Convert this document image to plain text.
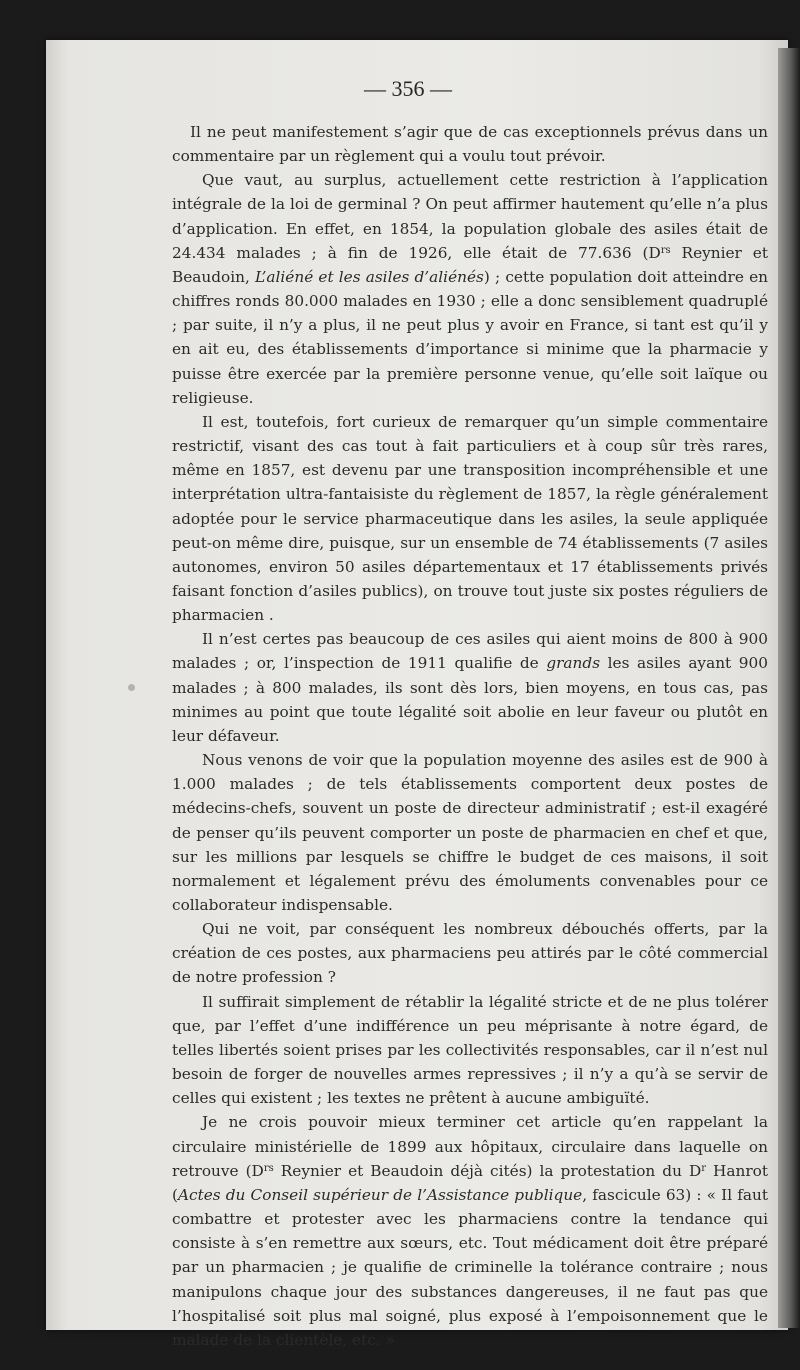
— 356 —

Il ne peut manifestement s’agir que de cas exceptionnels prévus dans un commentaire par un règlement qui a voulu tout prévoir.

Que vaut, au surplus, actuellement cette restriction à l’application intégrale de la loi de germinal ? On peut affirmer hautement qu’elle n’a plus d’application. En effet, en 1854, la population globale des asiles était de 24.434 malades ; à fin de 1926, elle était de 77.636 ($D^{rs}$ Reynier et Beaudoin, L’aliéné et les asiles d’aliénés) ; cette population doit atteindre en chiffres ronds 80.000 malades en 1930 ; elle a donc sensiblement quadruplé ; par suite, il n’y a plus, il ne peut plus y avoir en France, si tant est qu’il y en ait eu, des établissements d’importance si minime que la pharmacie y puisse être exercée par la première personne venue, qu’elle soit laïque ou religieuse.

Il est, toutefois, fort curieux de remarquer qu’un simple commentaire restrictif, visant des cas tout à fait particuliers et à coup sûr très rares, même en 1857, est devenu par une transposition incompréhensible et une interprétation ultra-fantaisiste du règlement de 1857, la règle généralement adoptée pour le service pharmaceutique dans les asiles, la seule appliquée peut-on même dire, puisque, sur un ensemble de 74 établissements (7 asiles autonomes, environ 50 asiles départementaux et 17 établissements privés faisant fonction d’asiles publics), on trouve tout juste six postes réguliers de pharmacien .

Il n’est certes pas beaucoup de ces asiles qui aient moins de 800 à 900 malades ; or, l’inspection de 1911 qualifie de grands les asiles ayant 900 malades ; à 800 malades, ils sont dès lors, bien moyens, en tous cas, pas minimes au point que toute légalité soit abolie en leur faveur ou plutôt en leur défaveur.

Nous venons de voir que la population moyenne des asiles est de 900 à 1.000 malades ; de tels établissements comportent deux postes de médecins-chefs, souvent un poste de directeur administratif ; est-il exagéré de penser qu’ils peuvent comporter un poste de pharmacien en chef et que, sur les millions par lesquels se chiffre le budget de ces maisons, il soit normalement et légalement prévu des émoluments convenables pour ce collaborateur indispensable.

Qui ne voit, par conséquent les nombreux débouchés offerts, par la création de ces postes, aux pharmaciens peu attirés par le côté commercial de notre profession ?

Il suffirait simplement de rétablir la légalité stricte et de ne plus tolérer que, par l’effet d’une indifférence un peu méprisante à notre égard, de telles libertés soient prises par les collectivités responsables, car il n’est nul besoin de forger de nouvelles armes repressives ; il n’y a qu’à se servir de celles qui existent ; les textes ne prêtent à aucune ambiguïté.

Je ne crois pouvoir mieux terminer cet article qu’en rappelant la circulaire ministérielle de 1899 aux hôpitaux, circulaire dans laquelle on retrouve ($D^{rs}$ Reynier et Beaudoin déjà cités) la protestation du $D^r$ Hanrot (Actes du Conseil supérieur de l’Assistance publique, fascicule 63) : « Il faut combattre et protester avec les pharmaciens contre la tendance qui consiste à s’en remettre aux sœurs, etc. Tout médicament doit être préparé par un pharmacien ; je qualifie de criminelle la tolérance contraire ; nous manipulons chaque jour des substances dangereuses, il ne faut pas que l’hospitalisé soit plus mal soigné, plus exposé à l’empoisonnement que le malade de la clientèle, etc. »
